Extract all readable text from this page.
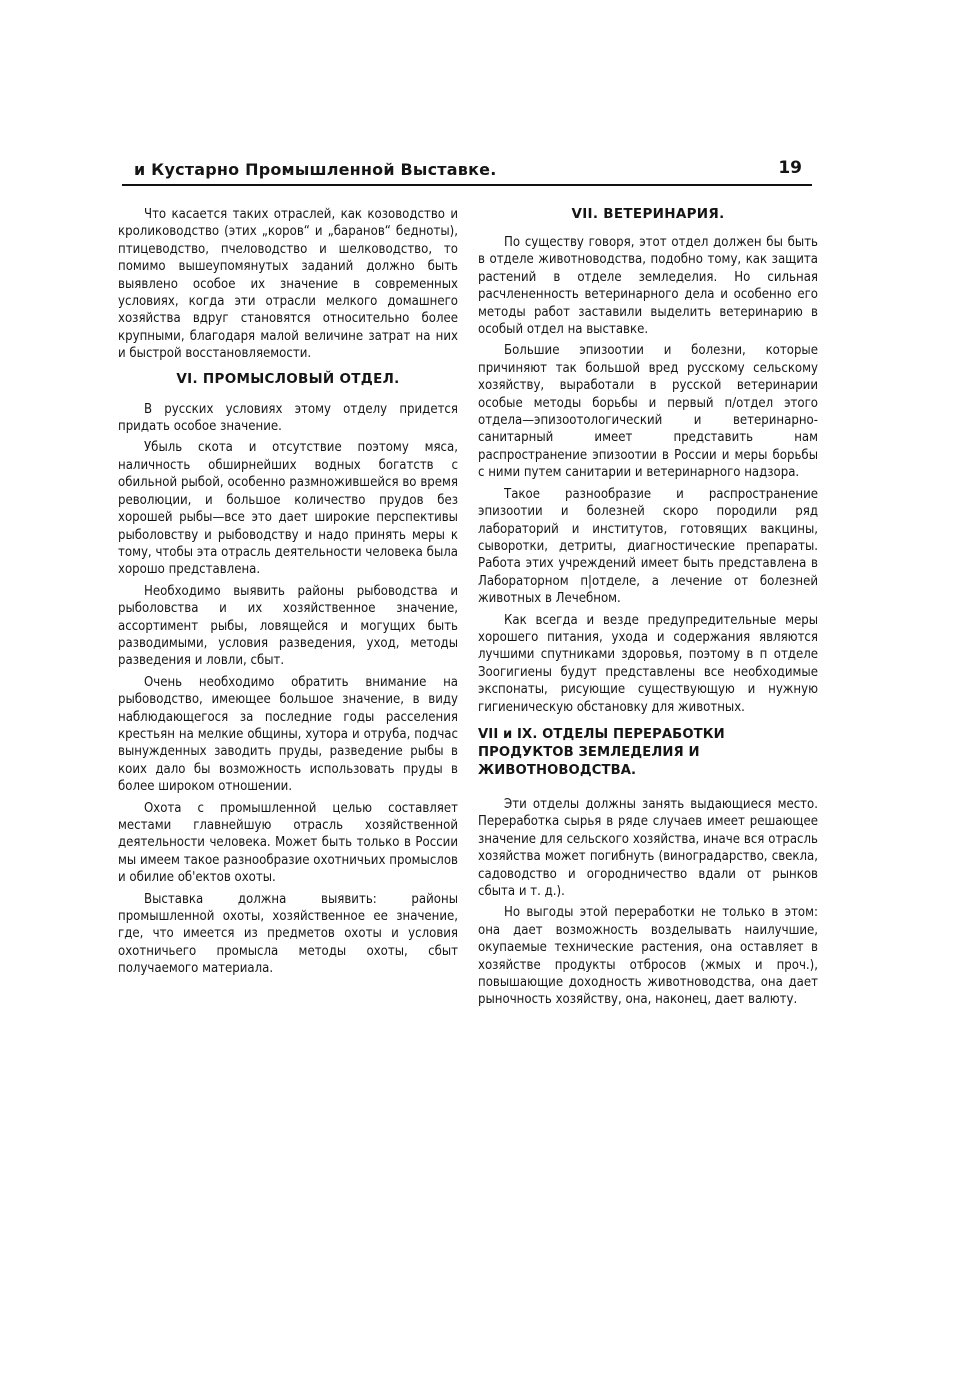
и Кустарно Промышленной Выставке.	19

Что касается таких отраслей, как козоводство и кролиководство (этих „коров“ и „баранов“ бедноты), птицеводство, пчеловодство и шелководство, то помимо вышеупомянутых заданий должно быть выявлено особое их значение в современных условиях, когда эти отрасли мелкого домашнего хозяйства вдруг становятся относительно более крупными, благодаря малой величине затрат на них и быстрой восстановляемости.

VI. ПРОМЫСЛОВЫЙ ОТДЕЛ.

В русских условиях этому отделу придется придать особое значение.

Убыль скота и отсутствие поэтому мяса, наличность обширнейших водных богатств с обильной рыбой, особенно размножившейся во время революции, и большое количество прудов без хорошей рыбы—все это дает широкие перспективы рыболовству и рыбоводству и надо принять меры к тому, чтобы эта отрасль деятельности человека была хорошо представлена.

Необходимо выявить районы рыбоводства и рыболовства и их хозяйственное значение, ассортимент рыбы, ловящейся и могущих быть разводимыми, условия разведения, уход, методы разведения и ловли, сбыт.

Очень необходимо обратить внимание на рыбоводство, имеющее большое значение, в виду наблюдающегося за последние годы расселения крестьян на мелкие общины, хутора и отруба, подчас вынужденных заводить пруды, разведение рыбы в коих дало бы возможность использовать пруды в более широком отношении.

Охота с промышленной целью составляет местами главнейшую отрасль хозяйственной деятельности человека. Может быть только в России мы имеем такое разнообразие охотничьих промыслов и обилие об'ектов охоты.

Выставка должна выявить: районы промышленной охоты, хозяйственное ее значение, где, что имеется из предметов охоты и условия охотничьего промысла методы охоты, сбыт получаемого материала.

VII. ВЕТЕРИНАРИЯ.

По существу говоря, этот отдел должен бы быть в отделе животноводства, подобно тому, как защита растений в отделе земледелия. Но сильная расчлененность ветеринарного дела и особенно его методы работ заставили выделить ветеринарию в особый отдел на выставке.

Большие эпизоотии и болезни, которые причиняют так большой вред русскому сельскому хозяйству, выработали в русской ветеринарии особые методы борьбы и первый п/отдел этого отдела—эпизоотологический и ветеринарно-санитарный имеет представить нам распространение эпизоотии в России и меры борьбы с ними путем санитарии и ветеринарного надзора.

Такое разнообразие и распространение эпизоотии и болезней скоро породили ряд лабораторий и институтов, готовящих вакцины, сыворотки, детриты, диагностические препараты. Работа этих учреждений имеет быть представлена в Лабораторном п|отделе, а лечение от болезней животных в Лечебном.

Как всегда и везде предупредительные меры хорошего питания, ухода и содержания являются лучшими спутниками здоровья, поэтому в п отделе Зоогигиены будут представлены все необходимые экспонаты, рисующие существующую и нужную гигиеническую обстановку для животных.

VII и IX. ОТДЕЛЫ ПЕРЕРАБОТКИ ПРОДУКТОВ ЗЕМЛЕДЕЛИЯ И ЖИВОТНОВОДСТВА.

Эти отделы должны занять выдающиеся место. Переработка сырья в ряде случаев имеет решающее значение для сельского хозяйства, иначе вся отрасль хозяйства может погибнуть (виноградарство, свекла, садоводство и огородничество вдали от рынков сбыта и т. д.).

Но выгоды этой переработки не только в этом: она дает возможность возделывать наилучшие, окупаемые технические растения, она оставляет в хозяйстве продукты отбросов (жмых и проч.), повышающие доходность животноводства, она дает рыночность хозяйству, она, наконец, дает валюту.
